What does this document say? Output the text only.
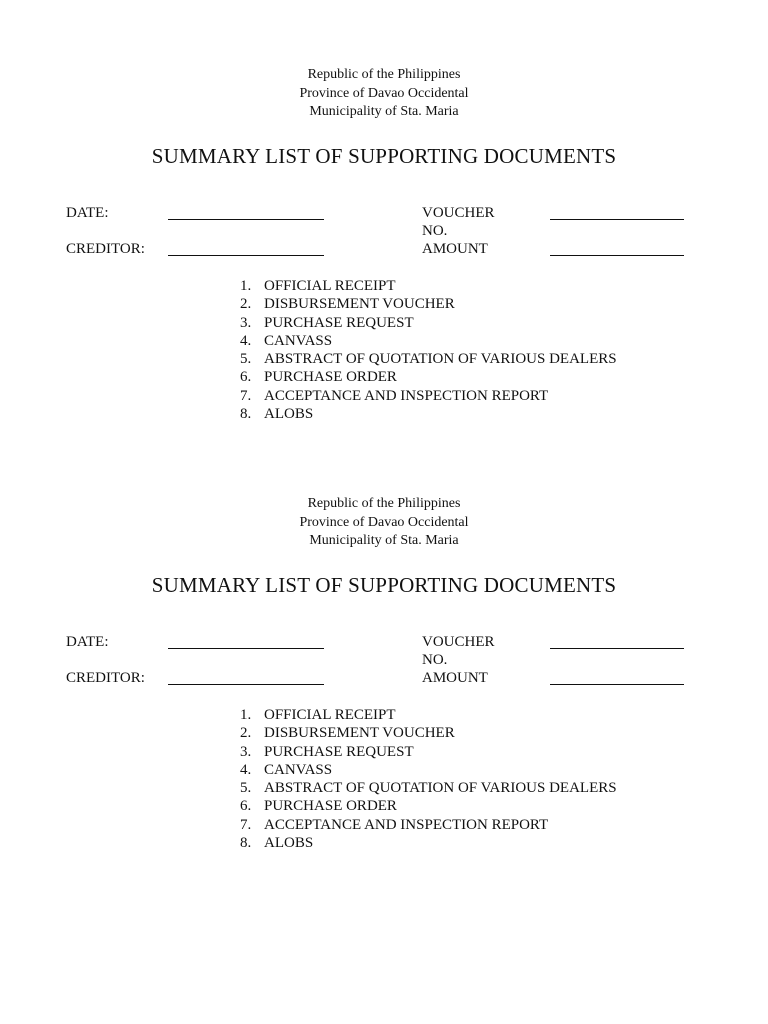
Republic of the Philippines
Province of Davao Occidental
Municipality of Sta. Maria
SUMMARY LIST OF SUPPORTING DOCUMENTS
DATE:	VOUCHER NO.
CREDITOR:	AMOUNT
1. OFFICIAL RECEIPT
2. DISBURSEMENT VOUCHER
3. PURCHASE REQUEST
4. CANVASS
5. ABSTRACT OF QUOTATION OF VARIOUS DEALERS
6. PURCHASE ORDER
7. ACCEPTANCE AND INSPECTION REPORT
8. ALOBS
Republic of the Philippines
Province of Davao Occidental
Municipality of Sta. Maria
SUMMARY LIST OF SUPPORTING DOCUMENTS
DATE:	VOUCHER NO.
CREDITOR:	AMOUNT
1. OFFICIAL RECEIPT
2. DISBURSEMENT VOUCHER
3. PURCHASE REQUEST
4. CANVASS
5. ABSTRACT OF QUOTATION OF VARIOUS DEALERS
6. PURCHASE ORDER
7. ACCEPTANCE AND INSPECTION REPORT
8. ALOBS
